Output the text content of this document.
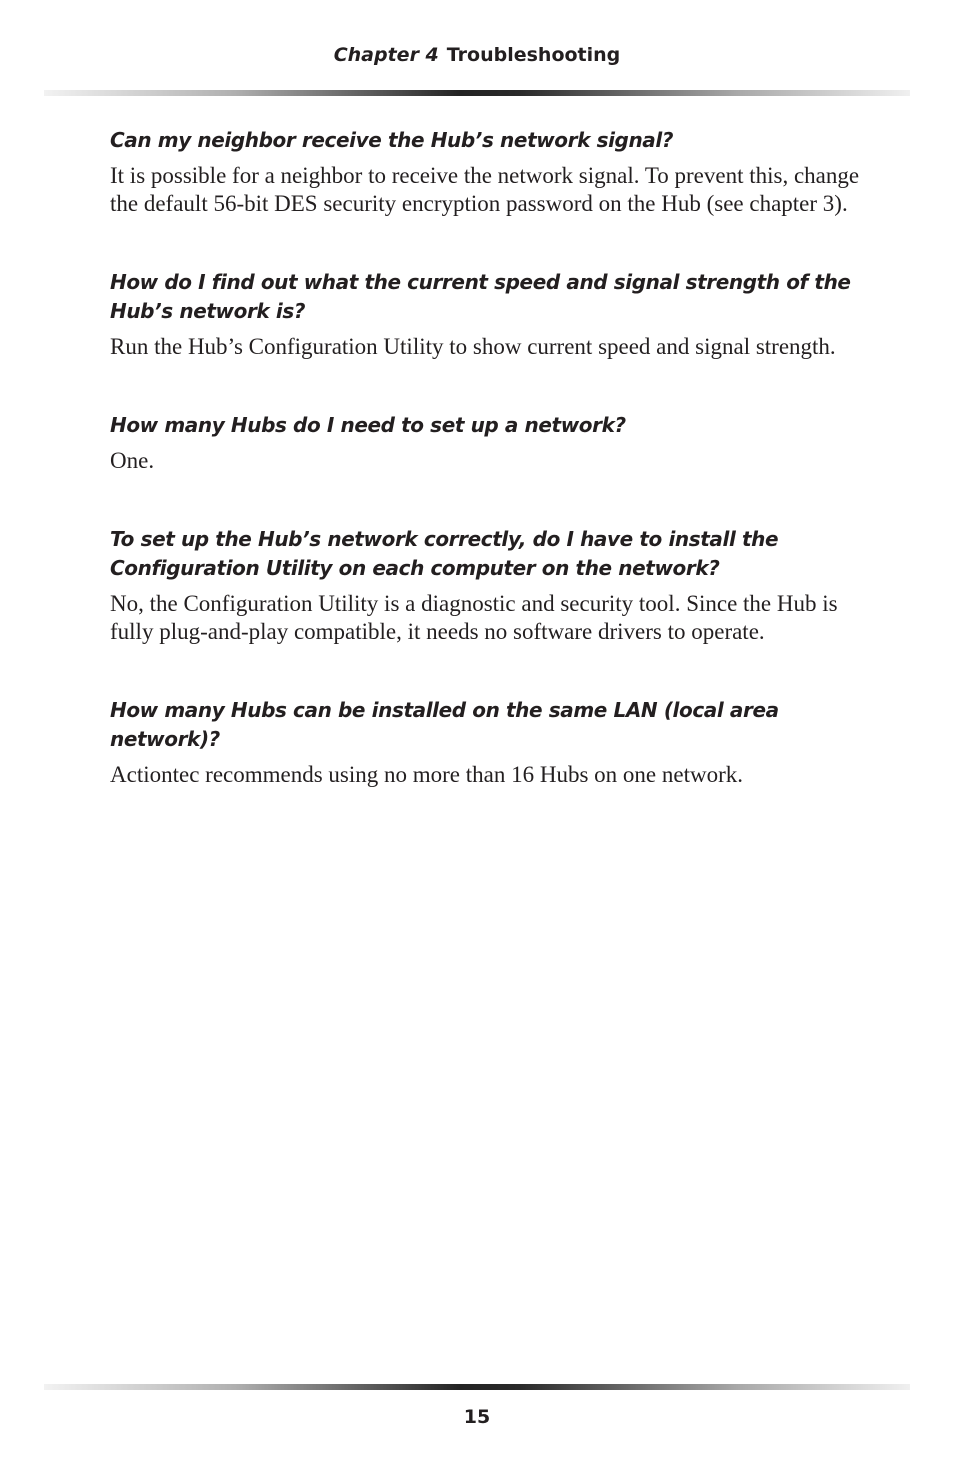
Chapter 4 Troubleshooting

Can my neighbor receive the Hub’s network signal?

It is possible for a neighbor to receive the network signal. To prevent this, change the default 56-bit DES security encryption password on the Hub (see chapter 3).

How do I find out what the current speed and signal strength of the Hub’s network is?

Run the Hub’s Configuration Utility to show current speed and signal strength.

How many Hubs do I need to set up a network?

One.

To set up the Hub’s network correctly, do I have to install the Configuration Utility on each computer on the network?

No, the Configuration Utility is a diagnostic and security tool. Since the Hub is fully plug-and-play compatible, it needs no software drivers to operate.

How many Hubs can be installed on the same LAN (local area network)?

Actiontec recommends using no more than 16 Hubs on one network.

15
